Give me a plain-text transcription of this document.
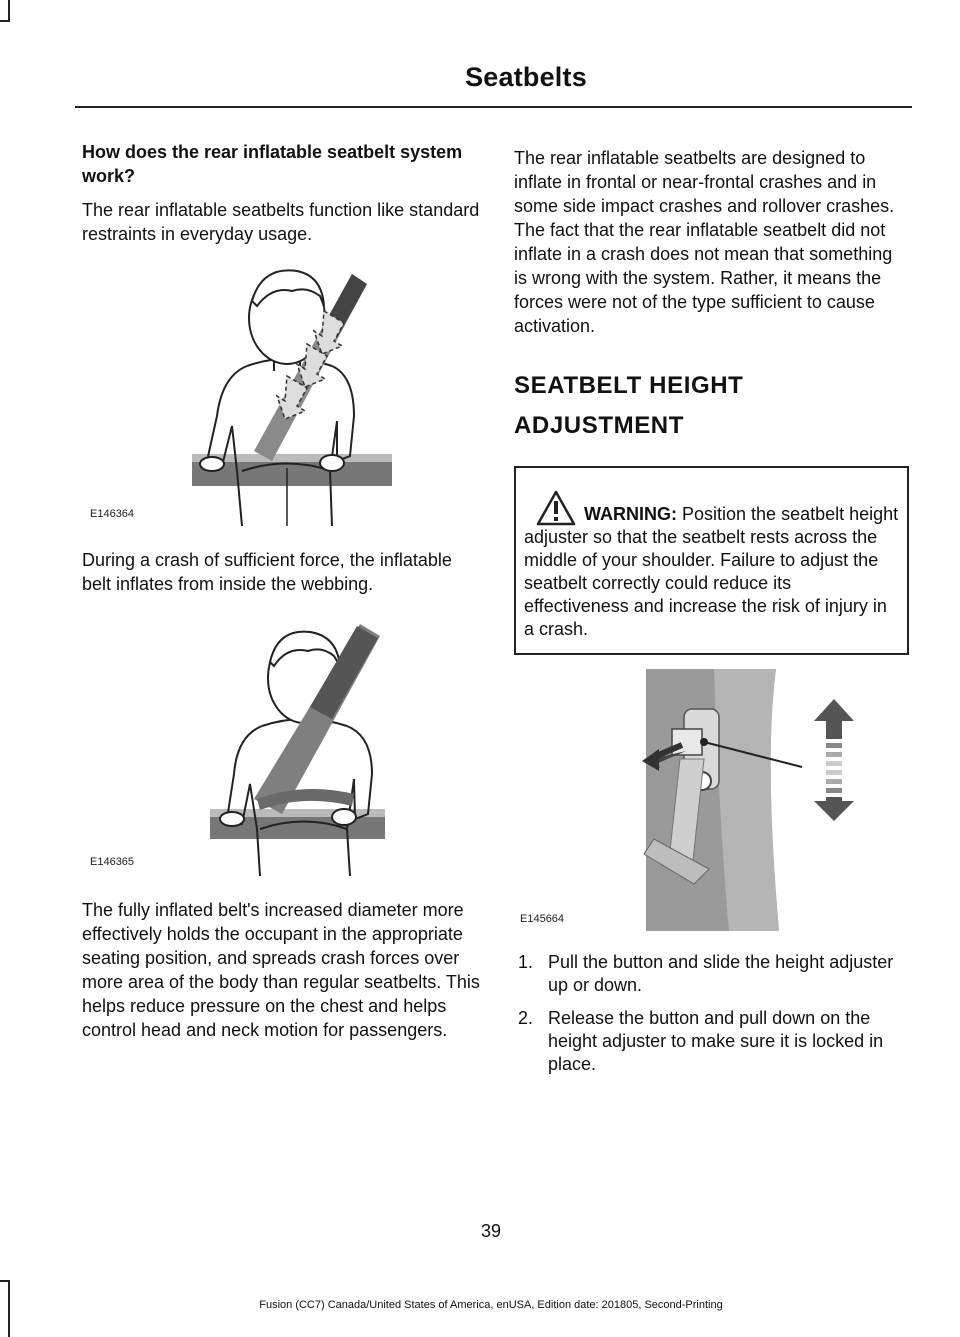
Seatbelts
How does the rear inflatable seatbelt system work?

The rear inflatable seatbelts function like standard restraints in everyday usage.

E146364

During a crash of sufficient force, the inflatable belt inflates from inside the webbing.

E146365

The fully inflated belt's increased diameter more effectively holds the occupant in the appropriate seating position, and spreads crash forces over more area of the body than regular seatbelts. This helps reduce pressure on the chest and helps control head and neck motion for passengers.

The rear inflatable seatbelts are designed to inflate in frontal or near-frontal crashes and in some side impact crashes and rollover crashes. The fact that the rear inflatable seatbelt did not inflate in a crash does not mean that something is wrong with the system. Rather, it means the forces were not of the type sufficient to cause activation.

SEATBELT HEIGHT
ADJUSTMENT
WARNING: Position the seatbelt height adjuster so that the seatbelt rests across the middle of your shoulder. Failure to adjust the seatbelt correctly could reduce its effectiveness and increase the risk of injury in a crash.
E145664
1. Pull the button and slide the height adjuster up or down.
2. Release the button and pull down on the height adjuster to make sure it is locked in place.
39
Fusion (CC7) Canada/United States of America, enUSA, Edition date: 201805, Second-Printing
